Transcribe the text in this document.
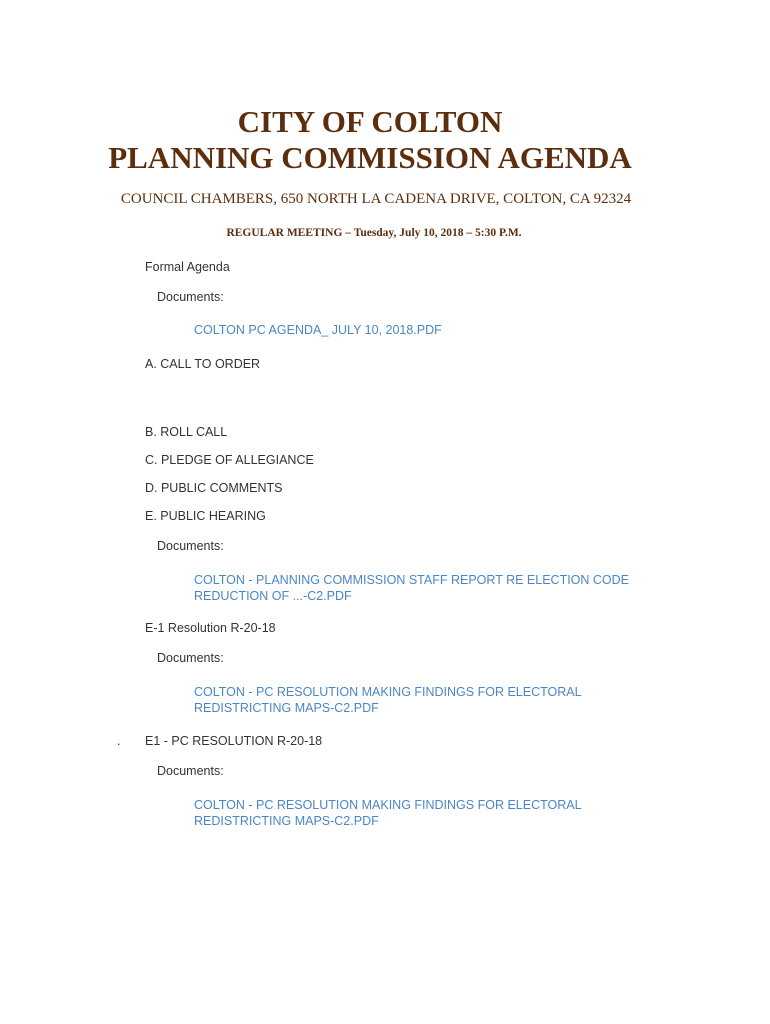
CITY OF COLTON
PLANNING COMMISSION AGENDA
COUNCIL CHAMBERS, 650 NORTH LA CADENA DRIVE, COLTON, CA 92324
REGULAR MEETING – Tuesday, July 10, 2018 – 5:30 P.M.
Formal Agenda
Documents:
COLTON PC AGENDA_ JULY 10, 2018.PDF
A. CALL TO ORDER
B. ROLL CALL
C. PLEDGE OF ALLEGIANCE
D. PUBLIC COMMENTS
E. PUBLIC HEARING
Documents:
COLTON - PLANNING COMMISSION STAFF REPORT RE ELECTION CODE
REDUCTION OF ...-C2.PDF
E-1 Resolution R-20-18
Documents:
COLTON - PC RESOLUTION MAKING FINDINGS FOR ELECTORAL
REDISTRICTING MAPS-C2.PDF
. E1 - PC RESOLUTION R-20-18
Documents:
COLTON - PC RESOLUTION MAKING FINDINGS FOR ELECTORAL
REDISTRICTING MAPS-C2.PDF
